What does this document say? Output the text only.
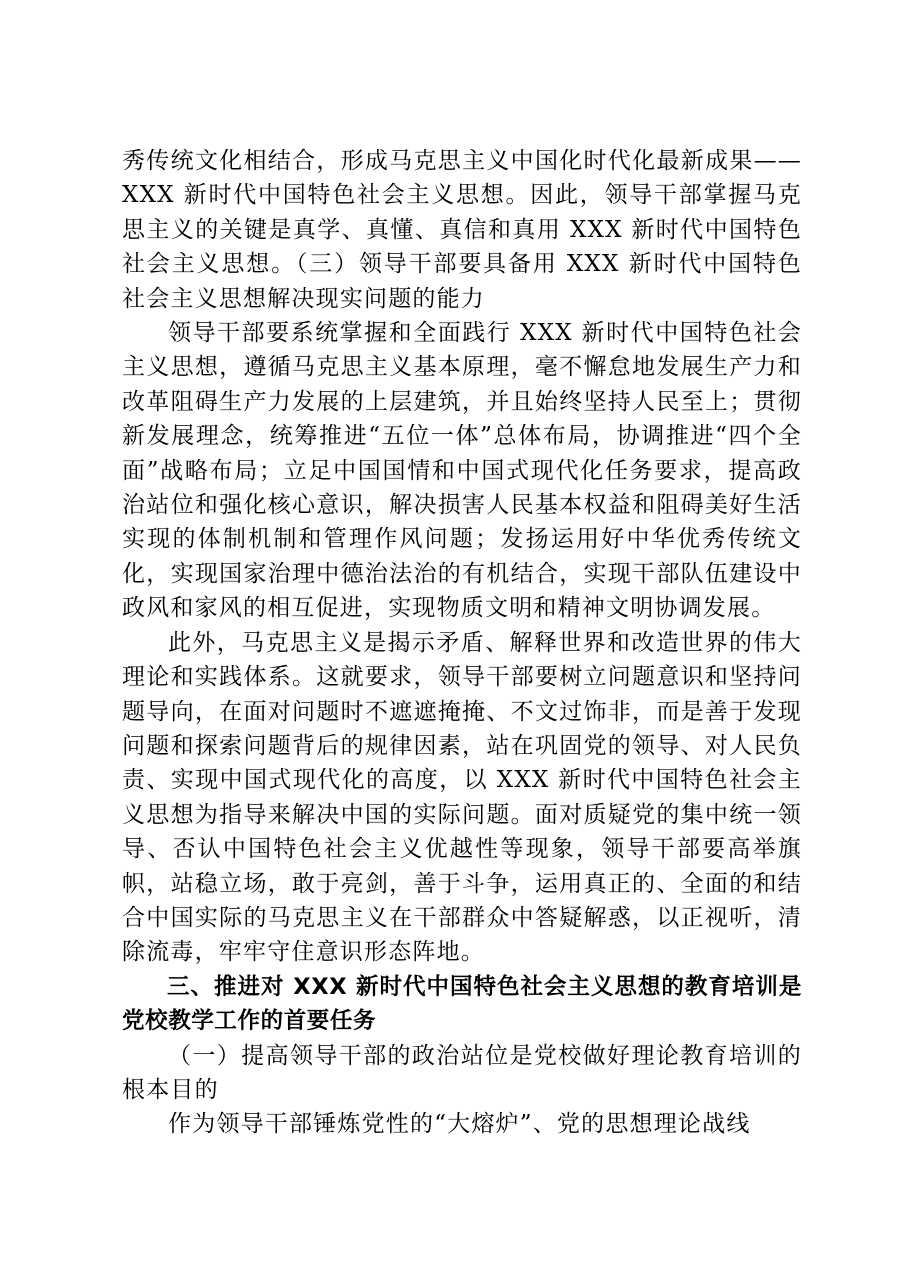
秀传统文化相结合，形成马克思主义中国化时代化最新成果——XXX 新时代中国特色社会主义思想。因此，领导干部掌握马克思主义的关键是真学、真懂、真信和真用 XXX 新时代中国特色社会主义思想。（三）领导干部要具备用 XXX 新时代中国特色社会主义思想解决现实问题的能力

领导干部要系统掌握和全面践行 XXX 新时代中国特色社会主义思想，遵循马克思主义基本原理，毫不懈怠地发展生产力和改革阻碍生产力发展的上层建筑，并且始终坚持人民至上；贯彻新发展理念，统筹推进“五位一体”总体布局，协调推进“四个全面”战略布局；立足中国国情和中国式现代化任务要求，提高政治站位和强化核心意识，解决损害人民基本权益和阻碍美好生活实现的体制机制和管理作风问题；发扬运用好中华优秀传统文化，实现国家治理中德治法治的有机结合，实现干部队伍建设中政风和家风的相互促进，实现物质文明和精神文明协调发展。

此外，马克思主义是揭示矛盾、解释世界和改造世界的伟大理论和实践体系。这就要求，领导干部要树立问题意识和坚持问题导向，在面对问题时不遮遮掩掩、不文过饰非，而是善于发现问题和探索问题背后的规律因素，站在巩固党的领导、对人民负责、实现中国式现代化的高度，以 XXX 新时代中国特色社会主义思想为指导来解决中国的实际问题。面对质疑党的集中统一领导、否认中国特色社会主义优越性等现象，领导干部要高举旗帜，站稳立场，敢于亮剑，善于斗争，运用真正的、全面的和结合中国实际的马克思主义在干部群众中答疑解惑，以正视听，清除流毒，牢牢守住意识形态阵地。

三、推进对 XXX 新时代中国特色社会主义思想的教育培训是党校教学工作的首要任务

（一）提高领导干部的政治站位是党校做好理论教育培训的根本目的

作为领导干部锤炼党性的“大熔炉”、党的思想理论战线
